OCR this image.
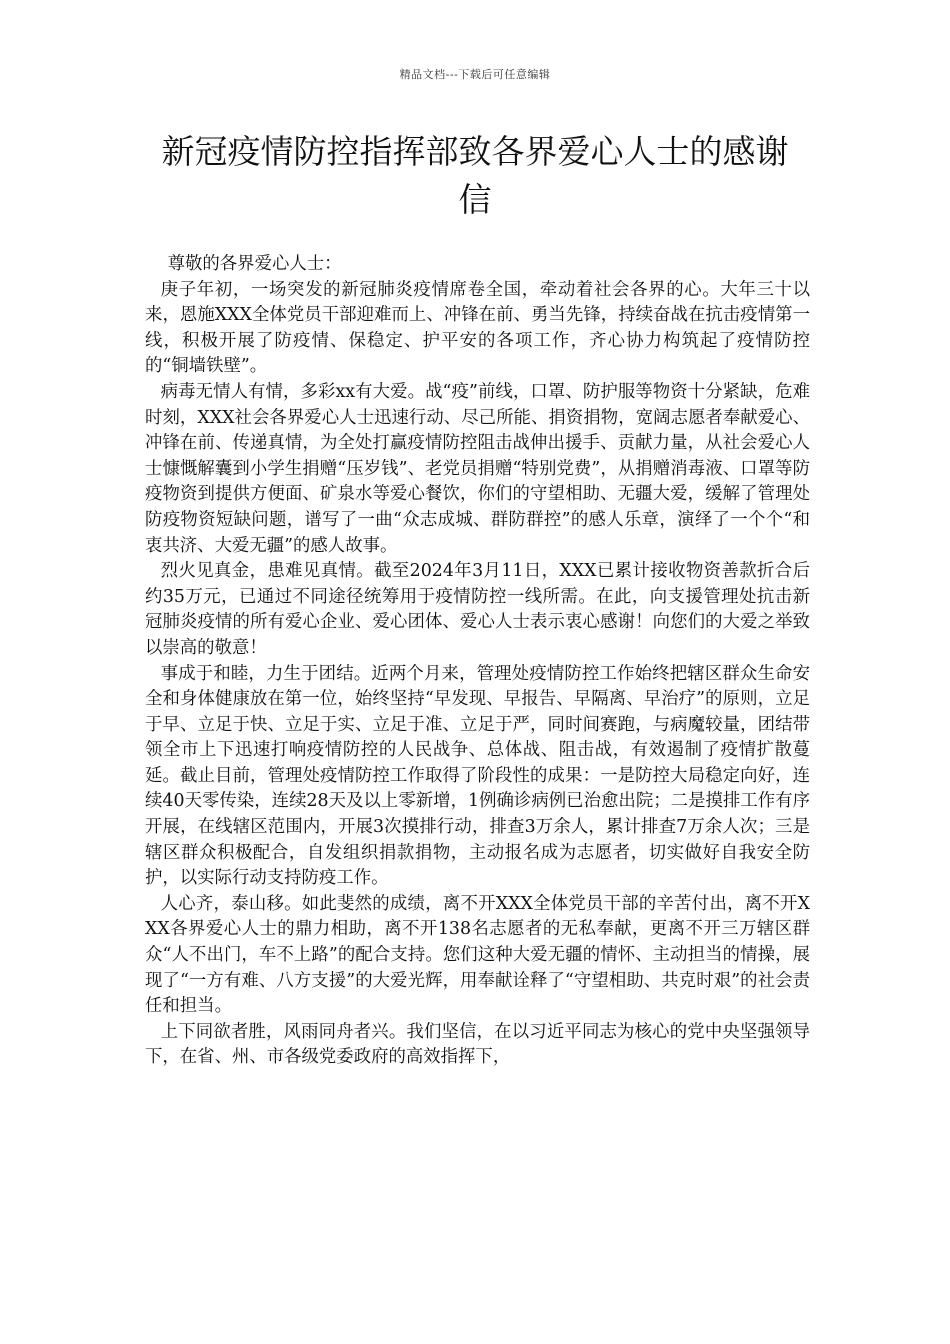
精品文档---下载后可任意编辑
新冠疫情防控指挥部致各界爱心人士的感谢信

尊敬的各界爱心人士：

庚子年初，一场突发的新冠肺炎疫情席卷全国，牵动着社会各界的心。大年三十以来，恩施XXX全体党员干部迎难而上、冲锋在前、勇当先锋，持续奋战在抗击疫情第一线，积极开展了防疫情、保稳定、护平安的各项工作，齐心协力构筑起了疫情防控的“铜墙铁壁”。

病毒无情人有情，多彩xx有大爱。战“疫”前线，口罩、防护服等物资十分紧缺，危难时刻，XXX社会各界爱心人士迅速行动、尽己所能、捐资捐物，宽阔志愿者奉献爱心、冲锋在前、传递真情，为全处打赢疫情防控阻击战伸出援手、贡献力量，从社会爱心人士慷慨解囊到小学生捐赠“压岁钱”、老党员捐赠“特别党费”，从捐赠消毒液、口罩等防疫物资到提供方便面、矿泉水等爱心餐饮，你们的守望相助、无疆大爱，缓解了管理处防疫物资短缺问题，谱写了一曲“众志成城、群防群控”的感人乐章，演绎了一个个“和衷共济、大爱无疆”的感人故事。

烈火见真金，患难见真情。截至2024年3月11日，XXX已累计接收物资善款折合后约35万元，已通过不同途径统筹用于疫情防控一线所需。在此，向支援管理处抗击新冠肺炎疫情的所有爱心企业、爱心团体、爱心人士表示衷心感谢！向您们的大爱之举致以崇高的敬意！

事成于和睦，力生于团结。近两个月来，管理处疫情防控工作始终把辖区群众生命安全和身体健康放在第一位，始终坚持“早发现、早报告、早隔离、早治疗”的原则，立足于早、立足于快、立足于实、立足于准、立足于严，同时间赛跑，与病魔较量，团结带领全市上下迅速打响疫情防控的人民战争、总体战、阻击战，有效遏制了疫情扩散蔓延。截止目前，管理处疫情防控工作取得了阶段性的成果：一是防控大局稳定向好，连续40天零传染，连续28天及以上零新增，1例确诊病例已治愈出院；二是摸排工作有序开展，在线辖区范围内，开展3次摸排行动，排查3万余人，累计排查7万余人次；三是辖区群众积极配合，自发组织捐款捐物，主动报名成为志愿者，切实做好自我安全防护，以实际行动支持防疫工作。

人心齐，泰山移。如此斐然的成绩，离不开XXX全体党员干部的辛苦付出，离不开XXX各界爱心人士的鼎力相助，离不开138名志愿者的无私奉献，更离不开三万辖区群众“人不出门，车不上路”的配合支持。您们这种大爱无疆的情怀、主动担当的情操，展现了“一方有难、八方支援”的大爱光辉，用奉献诠释了“守望相助、共克时艰”的社会责任和担当。

上下同欲者胜，风雨同舟者兴。我们坚信，在以习近平同志为核心的党中央坚强领导下，在省、州、市各级党委政府的高效指挥下，
